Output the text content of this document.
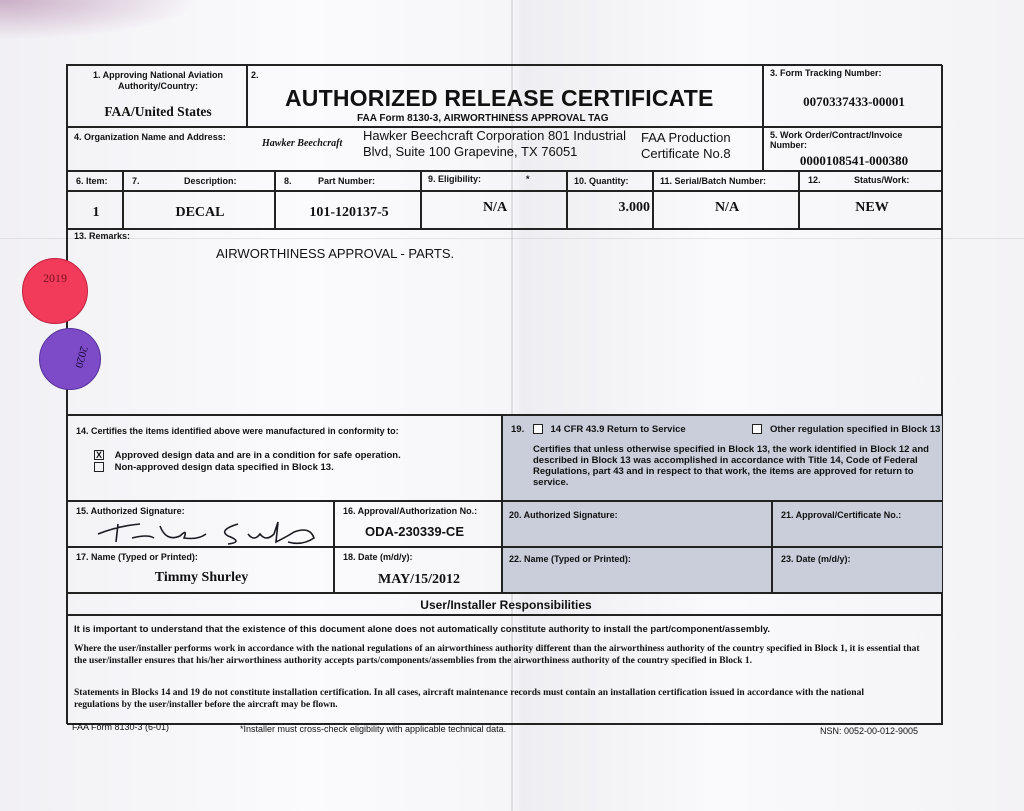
1. Approving National Aviation Authority/Country:
FAA/United States
2.
AUTHORIZED RELEASE CERTIFICATE
FAA Form 8130-3, AIRWORTHINESS APPROVAL TAG
3. Form Tracking Number:
0070337433-00001
4. Organization Name and Address:
Hawker Beechcraft
Hawker Beechcraft Corporation 801 Industrial
Blvd, Suite 100 Grapevine, TX 76051
FAA Production
Certificate No.8
5. Work Order/Contract/Invoice Number:
0000108541-000380
6. Item:	7.	Description:	8.	Part Number:	9. Eligibility:	*	10. Quantity:	11. Serial/Batch Number:	12.	Status/Work:
1	DECAL	101-120137-5	N/A	3.000	N/A	NEW
13. Remarks:
AIRWORTHINESS APPROVAL - PARTS.
14. Certifies the items identified above were manufactured in conformity to:
X Approved design data and are in a condition for safe operation.
Non-approved design data specified in Block 13.
19.	14 CFR 43.9 Return to Service	Other regulation specified in Block 13
Certifies that unless otherwise specified in Block 13, the work identified in Block 12 and described in Block 13 was accomplished in accordance with Title 14, Code of Federal Regulations, part 43 and in respect to that work, the items are approved for return to service.
15. Authorized Signature:	16. Approval/Authorization No.:
ODA-230339-CE
20. Authorized Signature:	21. Approval/Certificate No.:
17. Name (Typed or Printed):
Timmy Shurley
18. Date (m/d/y):
MAY/15/2012
22. Name (Typed or Printed):	23. Date (m/d/y):
User/Installer Responsibilities
It is important to understand that the existence of this document alone does not automatically constitute authority to install the part/component/assembly.
Where the user/installer performs work in accordance with the national regulations of an airworthiness authority different than the airworthiness authority of the country specified in Block 1, it is essential that the user/installer ensures that his/her airworthiness authority accepts parts/components/assemblies from the airworthiness authority of the country specified in Block 1.
Statements in Blocks 14 and 19 do not constitute installation certification. In all cases, aircraft maintenance records must contain an installation certification issued in accordance with the national regulations by the user/installer before the aircraft may be flown.
2019
2020
FAA Form 8130-3 (6-01)	*Installer must cross-check eligibility with applicable technical data.	NSN: 0052-00-012-9005
